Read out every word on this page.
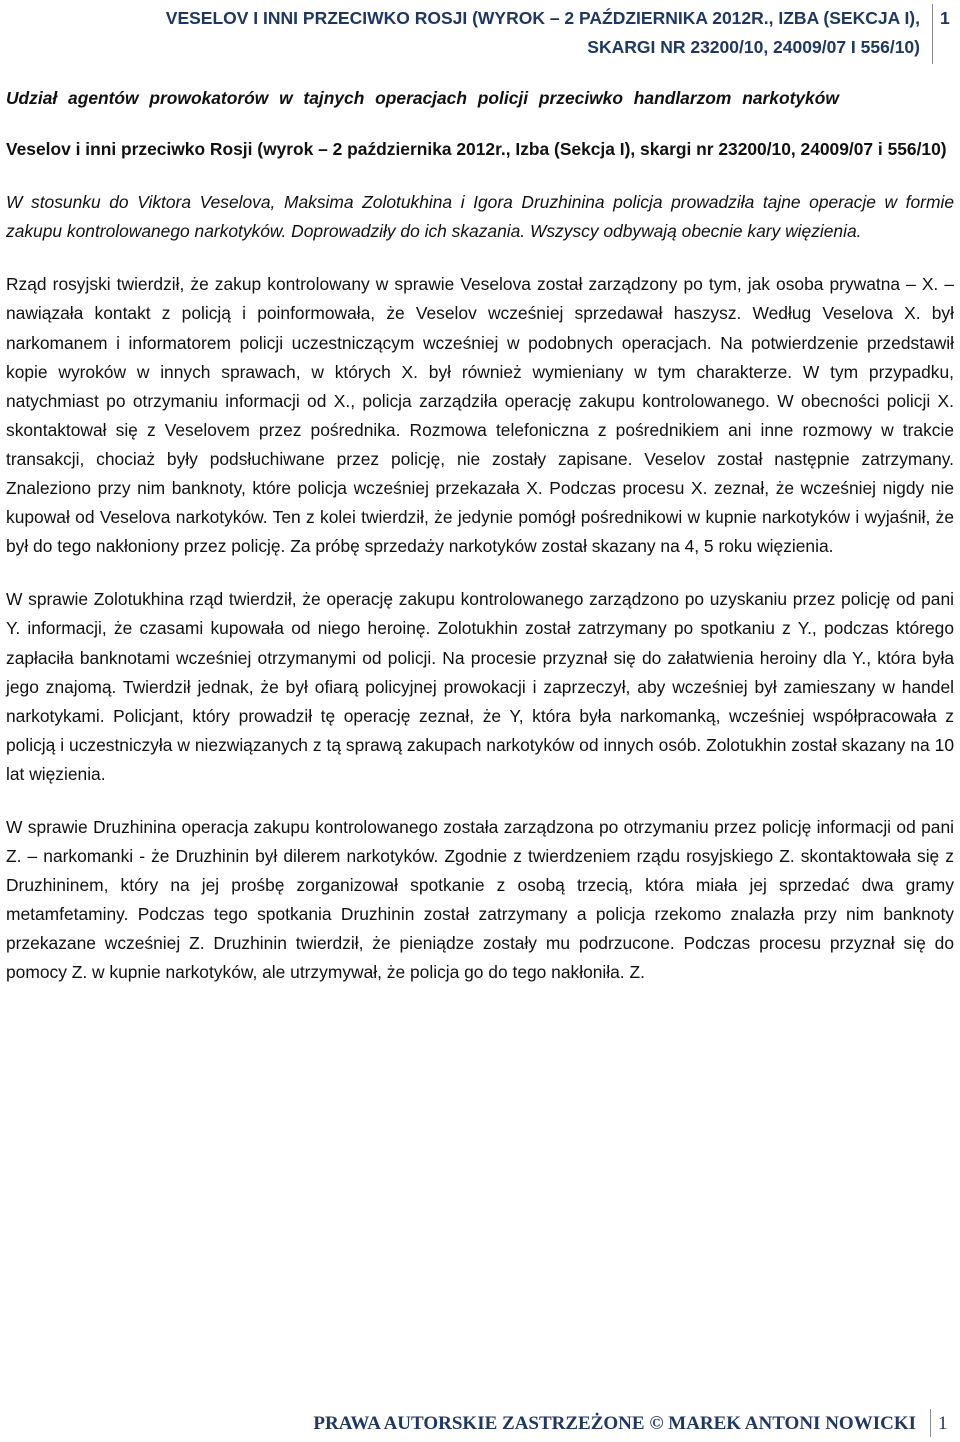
VESELOV I INNI PRZECIWKO ROSJI (WYROK – 2 PAŹDZIERNIKA 2012R., IZBA (SEKCJA I),
SKARGI NR 23200/10, 24009/07 I 556/10)
1

Udział agentów prowokatorów w tajnych operacjach policji przeciwko handlarzom narkotyków

Veselov i inni przeciwko Rosji (wyrok – 2 października 2012r., Izba (Sekcja I), skargi nr 23200/10, 24009/07 i 556/10)

W stosunku do Viktora Veselova, Maksima Zolotukhina i Igora Druzhinina policja prowadziła tajne operacje w formie zakupu kontrolowanego narkotyków. Doprowadziły do ich skazania. Wszyscy odbywają obecnie kary więzienia.

Rząd rosyjski twierdził, że zakup kontrolowany w sprawie Veselova został zarządzony po tym, jak osoba prywatna – X. –nawiązała kontakt z policją i poinformowała, że Veselov wcześniej sprzedawał haszysz. Według Veselova X. był narkomanem i informatorem policji uczestniczącym wcześniej w podobnych operacjach. Na potwierdzenie przedstawił kopie wyroków w innych sprawach, w których X. był również wymieniany w tym charakterze. W tym przypadku, natychmiast po otrzymaniu informacji od X., policja zarządziła operację zakupu kontrolowanego. W obecności policji X. skontaktował się z Veselovem przez pośrednika. Rozmowa telefoniczna z pośrednikiem ani inne rozmowy w trakcie transakcji, chociaż były podsłuchiwane przez policję, nie zostały zapisane. Veselov został następnie zatrzymany. Znaleziono przy nim banknoty, które policja wcześniej przekazała X. Podczas procesu X. zeznał, że wcześniej nigdy nie kupował od Veselova narkotyków. Ten z kolei twierdził, że jedynie pomógł pośrednikowi w kupnie narkotyków i wyjaśnił, że był do tego nakłoniony przez policję. Za próbę sprzedaży narkotyków został skazany na 4, 5 roku więzienia.

W sprawie Zolotukhina rząd twierdził, że operację zakupu kontrolowanego zarządzono po uzyskaniu przez policję od pani Y. informacji, że czasami kupowała od niego heroinę. Zolotukhin został zatrzymany po spotkaniu z Y., podczas którego zapłaciła banknotami wcześniej otrzymanymi od policji. Na procesie przyznał się do załatwienia heroiny dla Y., która była jego znajomą. Twierdził jednak, że był ofiarą policyjnej prowokacji i zaprzeczył, aby wcześniej był zamieszany w handel narkotykami. Policjant, który prowadził tę operację zeznał, że Y, która była narkomanką, wcześniej współpracowała z policją i uczestniczyła w niezwiązanych z tą sprawą zakupach narkotyków od innych osób. Zolotukhin został skazany na 10 lat więzienia.

W sprawie Druzhinina operacja zakupu kontrolowanego została zarządzona po otrzymaniu przez policję informacji od pani Z. – narkomanki - że Druzhinin był dilerem narkotyków. Zgodnie z twierdzeniem rządu rosyjskiego Z. skontaktowała się z Druzhininem, który na jej prośbę zorganizował spotkanie z osobą trzecią, która miała jej sprzedać dwa gramy metamfetaminy. Podczas tego spotkania Druzhinin został zatrzymany a policja rzekomo znalazła przy nim banknoty przekazane wcześniej Z. Druzhinin twierdził, że pieniądze zostały mu podrzucone. Podczas procesu przyznał się do pomocy Z. w kupnie narkotyków, ale utrzymywał, że policja go do tego nakłoniła. Z.

PRAWA AUTORSKIE ZASTRZEŻONE © MAREK ANTONI NOWICKI 1
